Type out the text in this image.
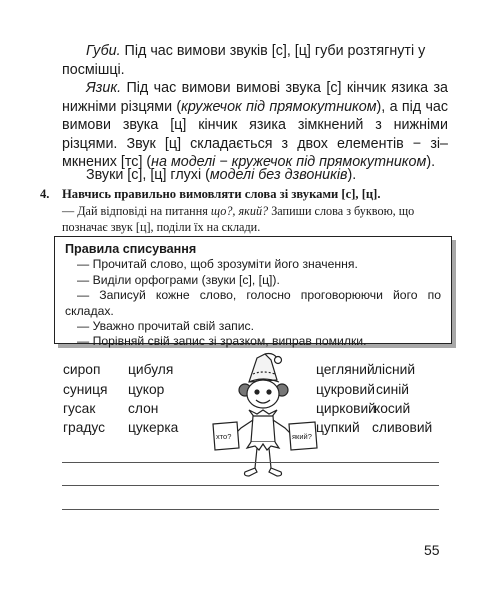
Губи. Під час вимови звуків [с], [ц] губи розтягнуті у посмішці.

Язик. Під час вимови вимові звука [с] кінчик язика за нижніми різцями (кружечок під прямокутником), а під час вимови звука [ц] кінчик язика зімкнений з нижніми різцями. Звук [ц] складається з двох елементів − зі–мкнених [тс] (на моделі − кружечок під прямокутником).

Звуки [с], [ц] глухі (моделі без дзвоників).

4. Навчись правильно вимовляти слова зі звуками [с], [ц].
— Дай відповіді на питання що?, який? Запиши слова з буквою, що позначає звук [ц], поділи їх на склади.
Правила списування
— Прочитай слово, щоб зрозуміти його значення.
— Виділи орфограми (звуки [с], [ц]).
— Записуй кожне слово, голосно проговорюючи його по складах.
— Уважно прочитай свій запис.
— Порівняй свій запис зі зразком, виправ помилки.
сироп
суниця
гусак
градус
цибуля
цукор
слон
цукерка
цегляний
цукровий
цирковий
цупкий
лісний
синій
косий
сливовий
хто?	який?
55
